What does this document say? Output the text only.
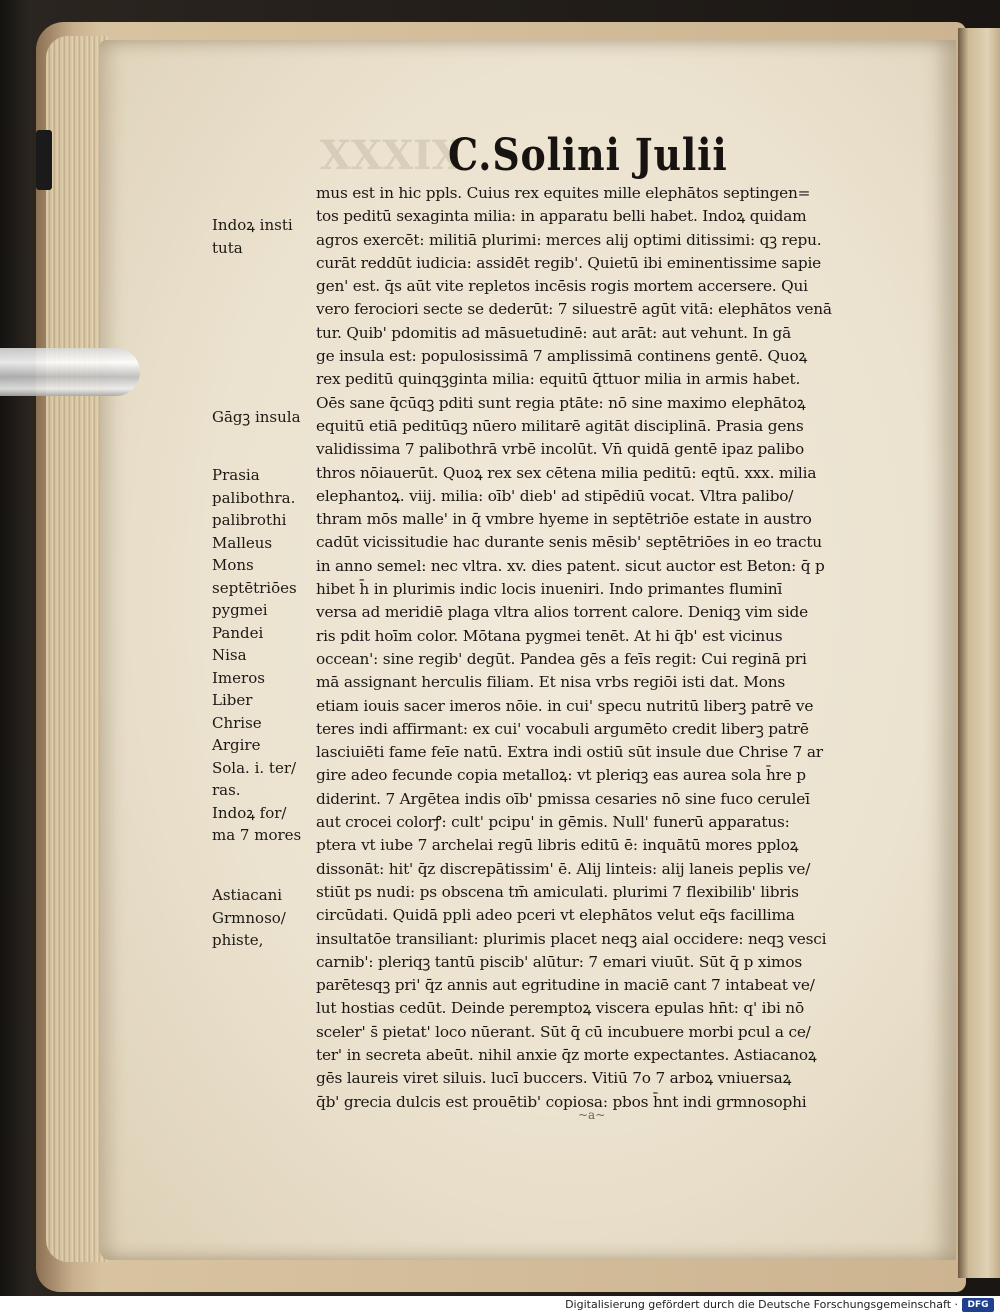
XXXIX
C.Solini Julii
mus est in hic ppls. Cuius rex equites mille elephātos septingen=
tos peditū sexaginta milia: in apparatu belli habet. Indoꝝ quidam
agros exercēt: militiā plurimi: merces alij optimi ditissimi: qꝫ repu.
curāt reddūt iudicia: assidēt regib'. Quietū ibi eminentissime sapie
gen' est. q̄s aūt vite repletos incēsis rogis mortem accersere. Qui
vero ferociori secte se dederūt: 7 siluestrē agūt vitā: elephātos venā
tur. Quib' pdomitis ad māsuetudinē: aut arāt: aut vehunt. In gā
ge insula est: populosissimā 7 amplissimā continens gentē. Quoꝝ
rex peditū quinqꝫginta milia: equitū q̄ttuor milia in armis habet.
Oēs sane q̄cūqꝫ pditi sunt regia ptāte: nō sine maximo elephātoꝝ
equitū etiā peditūqꝫ nūero militarē agitāt disciplinā. Prasia gens
validissima 7 palibothrā vrbē incolūt. Vn̄ quidā gentē ipaz palibo
thros nōiauerūt. Quoꝝ rex sex cētena milia peditū: eqtū. xxx. milia
elephantoꝝ. viij. milia: oīb' dieb' ad stipēdiū vocat. Vltra palibo/
thram mōs malle' in q̄ vmbre hyeme in septētriōe estate in austro
cadūt vicissitudie hac durante senis mēsib' septētriōes in eo tractu
in anno semel: nec vltra. xv. dies patent. sicut auctor est Beton: q̄ p
hibet h̄ in plurimis indic locis inueniri. Indo primantes fluminī
versa ad meridiē plaga vltra alios torrent calore. Deniqꝫ vim side
ris pdit hoīm color. Mōtana pygmei tenēt. At hi q̄b' est vicinus
occean': sine regib' degūt. Pandea gēs a feīs regit: Cui reginā pri
mā assignant herculis filiam. Et nisa vrbs regiōi isti dat. Mons
etiam iouis sacer imeros nōie. in cui' specu nutritū liberꝫ patrē ve
teres indi affirmant: ex cui' vocabuli argumēto credit liberꝫ patrē
lasciuiēti fame feīe natū. Extra indi ostiū sūt insule due Chrise 7 ar
gire adeo fecunde copia metalloꝝ: vt pleriqꝫ eas aurea sola h̄re p
diderint. 7 Argētea indis oīb' pmissa cesaries nō sine fuco ceruleī
aut crocei colorꝭ: cult' pcipu' in gēmis. Null' funerū apparatus:
ptera vt iube 7 archelai regū libris editū ē: inquātū mores pploꝝ
dissonāt: hit' q̄z discrepātissim' ē. Alij linteis: alij laneis peplis ve/
stiūt ps nudi: ps obscena tm̄ amiculati. plurimi 7 flexibilib' libris
circūdati. Quidā ppli adeo pceri vt elephātos velut eq̄s facillima
insultatōe transiliant: plurimis placet neqꝫ aial occidere: neqꝫ vesci
carnib': pleriqꝫ tantū piscib' alūtur: 7 emari viuūt. Sūt q̄ p ximos
parētesqꝫ pri' q̄z annis aut egritudine in maciē cant 7 intabeat ve/
lut hostias cedūt. Deinde peremptoꝝ viscera epulas hn̄t: q' ibi nō
sceler' s̄ pietat' loco nūerant. Sūt q̄ cū incubuere morbi pcul a ce/
ter' in secreta abeūt. nihil anxie q̄z morte expectantes. Astiacanoꝝ
gēs laureis viret siluis. lucī buccers. Vitiū 7o 7 arboꝝ vniuersaꝝ
q̄b' grecia dulcis est prouētib' copiosa: pbos h̄nt indi grmnosophi
Indoꝝ insti
tuta
Gāgꝫ insula
Prasia
palibothra.
palibrothi
Malleus
Mons
septētriōes
pygmei
Pandei
Nisa
Imeros
Liber
Chrise
Argire
Sola. i. ter/
ras.
Indoꝝ for/
ma 7 mores
Astiacani
Grmnoso/
phiste,
~a~
Digitalisierung gefördert durch die Deutsche Forschungsgemeinschaft ·	DFG
